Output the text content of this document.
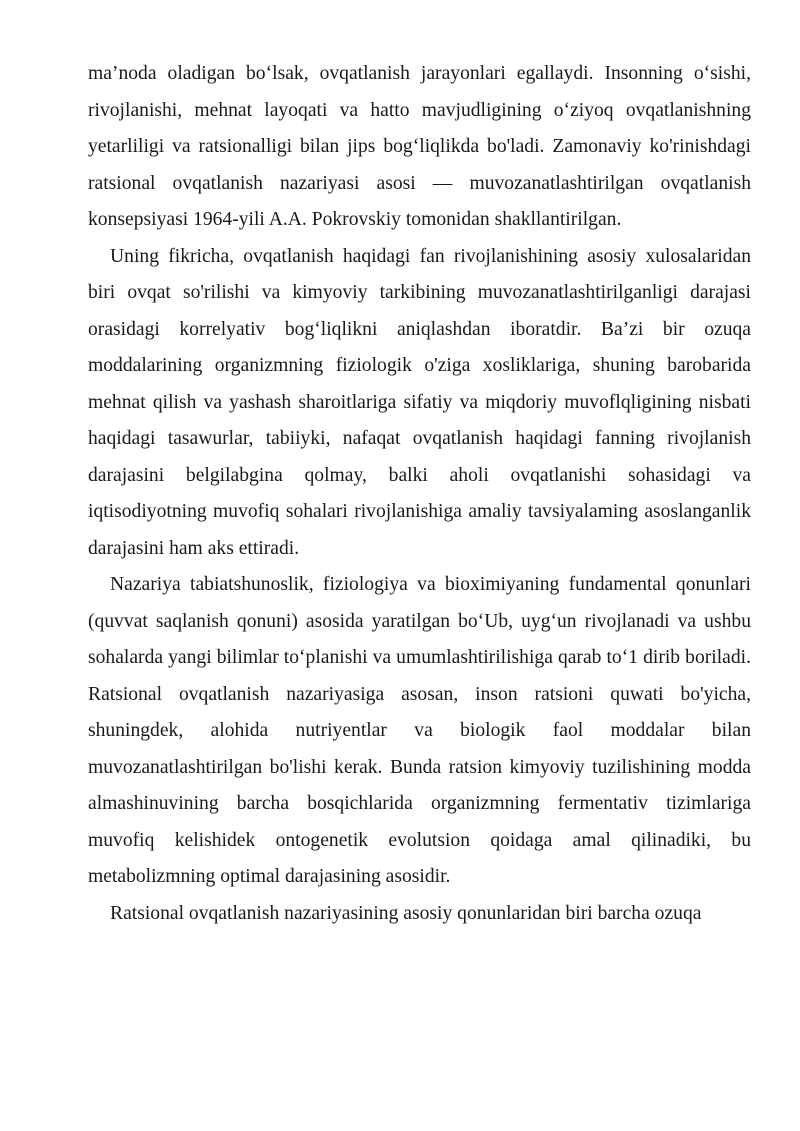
ma’noda oladigan bo‘lsak, ovqatlanish jarayonlari egallaydi. Insonning o‘sishi, rivojlanishi, mehnat layoqati va hatto mavjudligining o‘ziyoq ovqatlanishning yetarliligi va ratsionalligi bilan jips bog‘liqlikda bo'ladi. Zamonaviy ko'rinishdagi ratsional ovqatlanish nazariyasi asosi — muvozanatlashtirilgan ovqatlanish konsepsiyasi 1964-yili A.A. Pokrovskiy tomonidan shakllantirilgan.

Uning fikricha, ovqatlanish haqidagi fan rivojlanishining asosiy xulosalaridan biri ovqat so'rilishi va kimyoviy tarkibining muvozanatlashtirilganligi darajasi orasidagi korrelyativ bog‘liqlikni aniqlashdan iboratdir. Ba’zi bir ozuqa moddalarining organizmning fiziologik o'ziga xosliklariga, shuning barobarida mehnat qilish va yashash sharoitlariga sifatiy va miqdoriy muvoflqligining nisbati haqidagi tasawurlar, tabiiyki, nafaqat ovqatlanish haqidagi fanning rivojlanish darajasini belgilabgina qolmay, balki aholi ovqatlanishi sohasidagi va iqtisodiyotning muvofiq sohalari rivojlanishiga amaliy tavsiyalaming asoslanganlik darajasini ham aks ettiradi.

Nazariya tabiatshunoslik, fiziologiya va bioximiyaning fundamental qonunlari (quvvat saqlanish qonuni) asosida yaratilgan bo‘Ub, uyg‘un rivojlanadi va ushbu sohalarda yangi bilimlar to‘planishi va umumlashtirilishiga qarab to‘1 dirib boriladi. Ratsional ovqatlanish nazariyasiga asosan, inson ratsioni quwati bo'yicha, shuningdek, alohida nutriyentlar va biologik faol moddalar bilan muvozanatlashtirilgan bo'lishi kerak. Bunda ratsion kimyoviy tuzilishining modda almashinuvining barcha bosqichlarida organizmning fermentativ tizimlariga muvofiq kelishidek ontogenetik evolutsion qoidaga amal qilinadiki, bu metabolizmning optimal darajasining asosidir.

Ratsional ovqatlanish nazariyasining asosiy qonunlaridan biri barcha ozuqa
